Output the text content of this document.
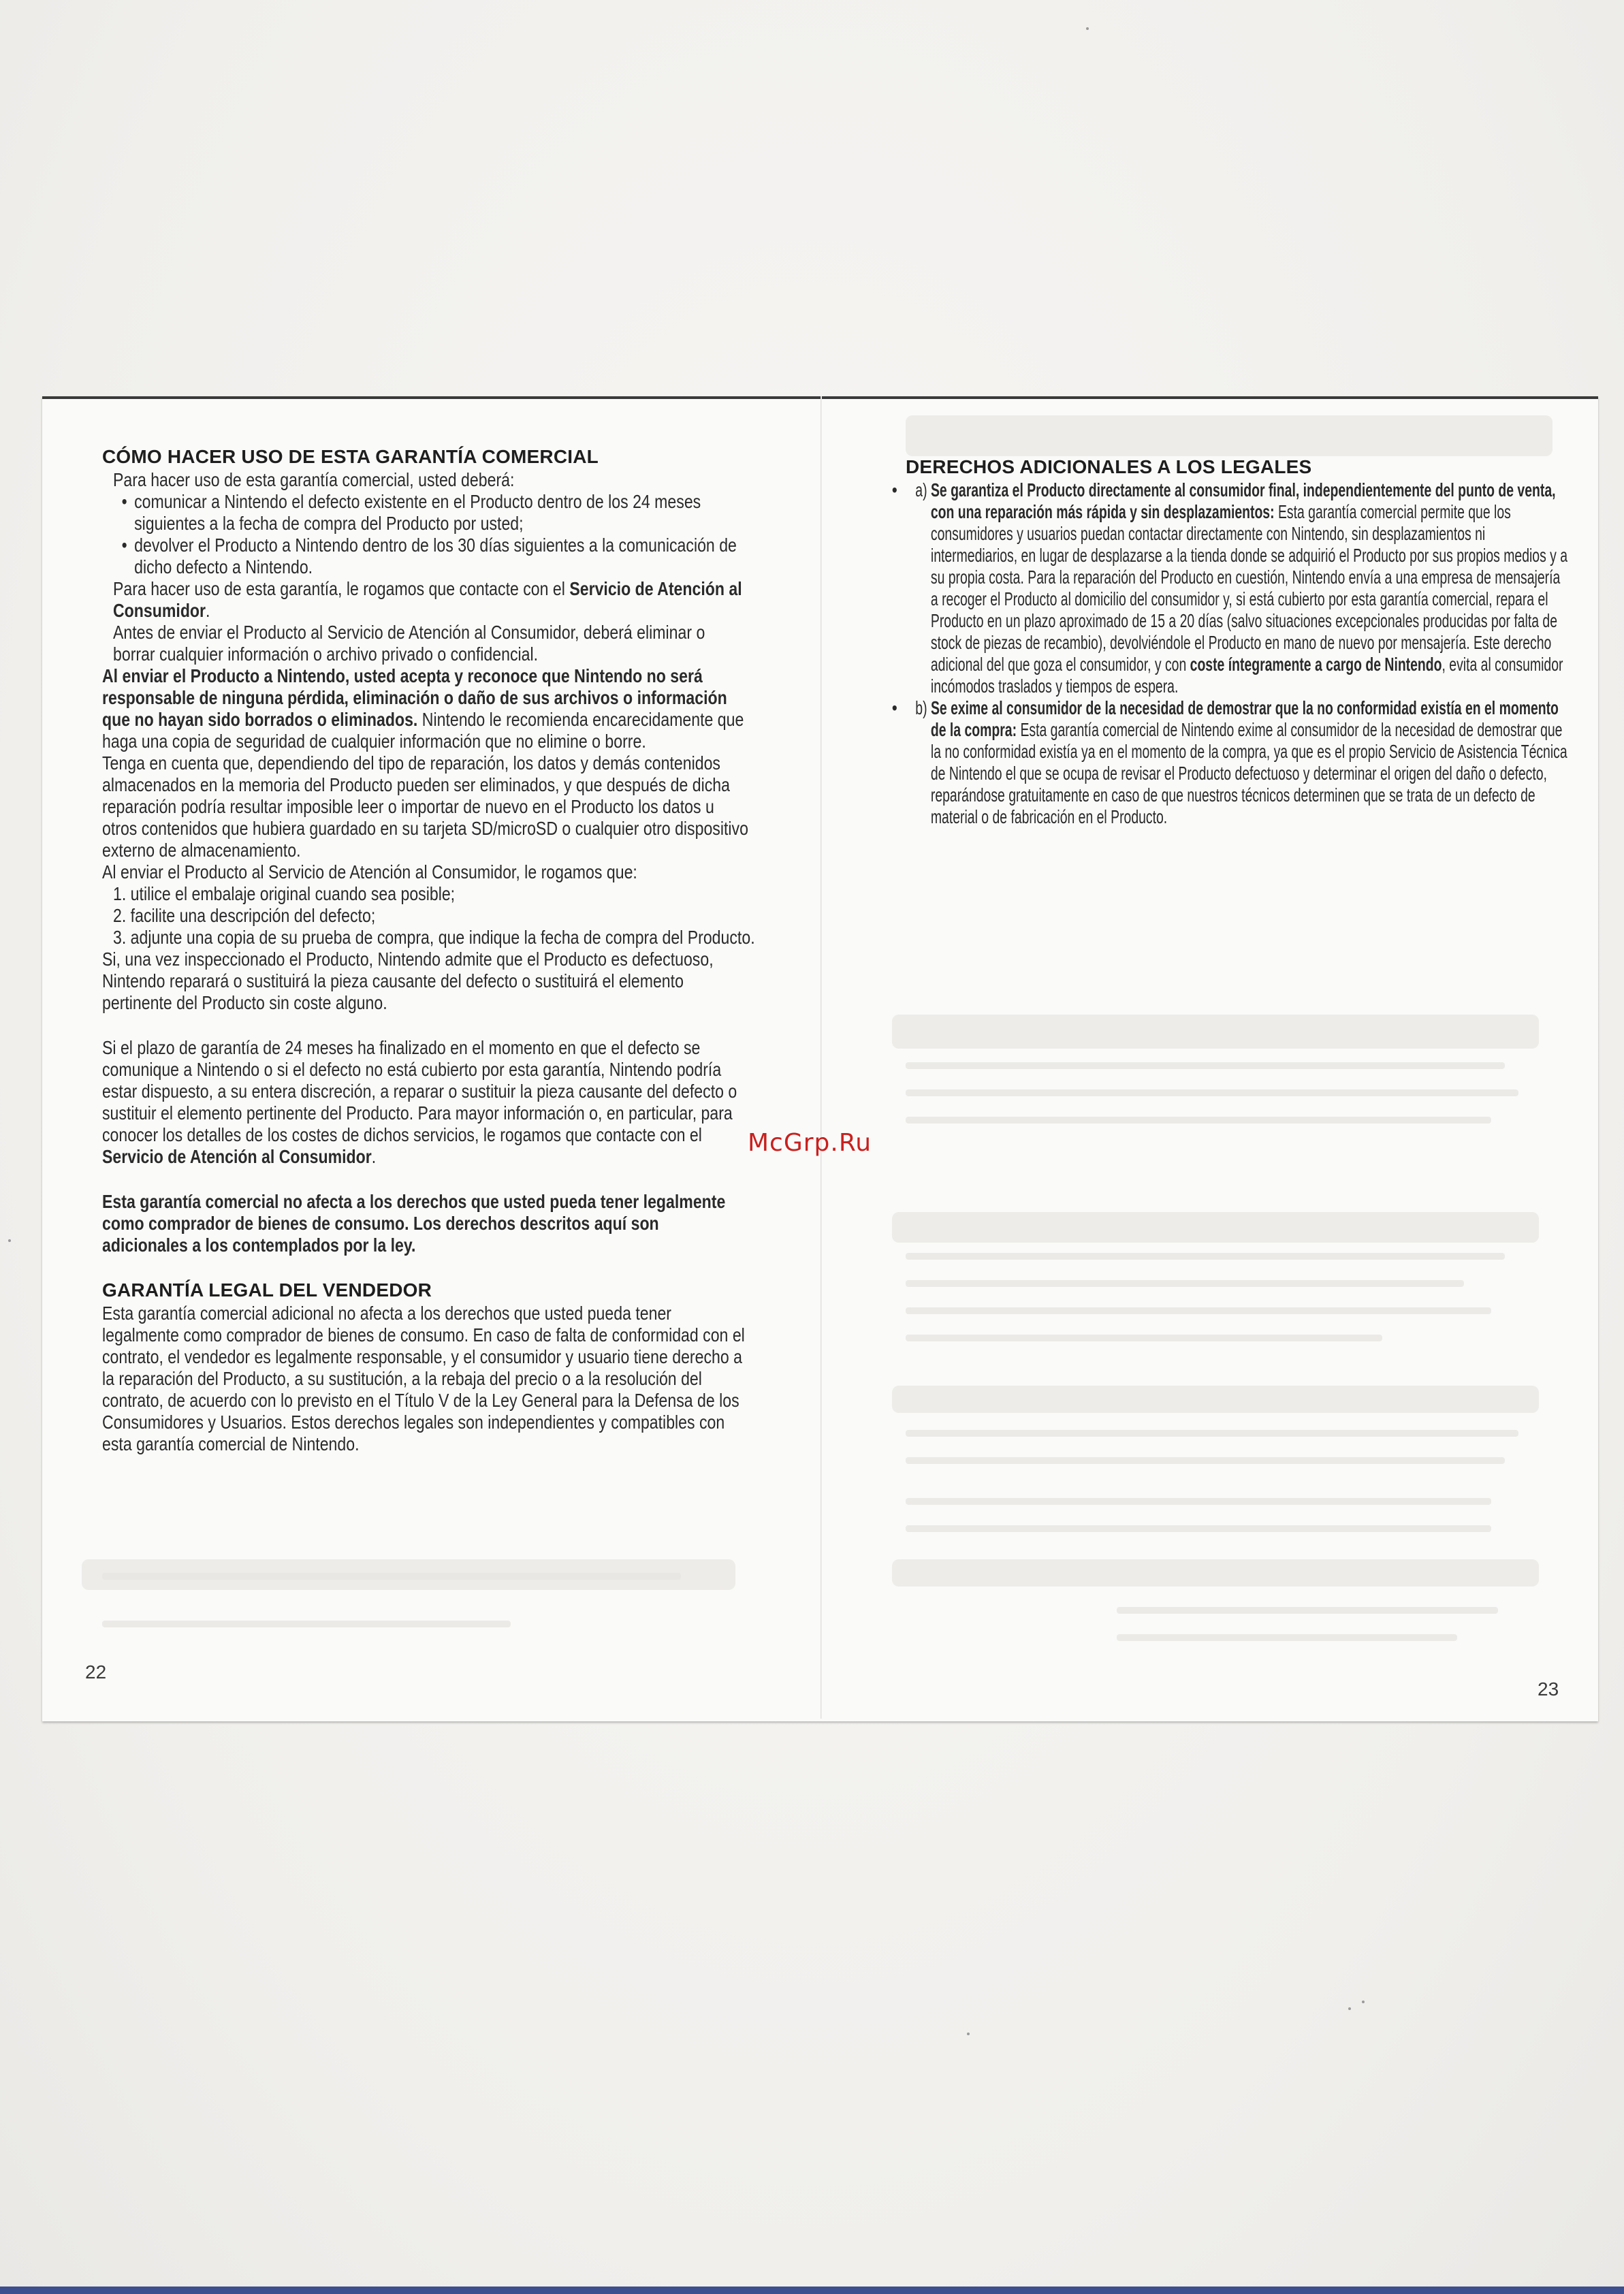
CÓMO HACER USO DE ESTA GARANTÍA COMERCIAL

Para hacer uso de esta garantía comercial, usted deberá:

• comunicar a Nintendo el defecto existente en el Producto dentro de los 24 meses siguientes a la fecha de compra del Producto por usted;
• devolver el Producto a Nintendo dentro de los 30 días siguientes a la comunicación de dicho defecto a Nintendo.

Para hacer uso de esta garantía, le rogamos que contacte con el Servicio de Atención al Consumidor.

Antes de enviar el Producto al Servicio de Atención al Consumidor, deberá eliminar o borrar cualquier información o archivo privado o confidencial.

Al enviar el Producto a Nintendo, usted acepta y reconoce que Nintendo no será responsable de ninguna pérdida, eliminación o daño de sus archivos o información que no hayan sido borrados o eliminados. Nintendo le recomienda encarecidamente que haga una copia de seguridad de cualquier información que no elimine o borre.

Tenga en cuenta que, dependiendo del tipo de reparación, los datos y demás contenidos almacenados en la memoria del Producto pueden ser eliminados, y que después de dicha reparación podría resultar imposible leer o importar de nuevo en el Producto los datos u otros contenidos que hubiera guardado en su tarjeta SD/microSD o cualquier otro dispositivo externo de almacenamiento.

Al enviar el Producto al Servicio de Atención al Consumidor, le rogamos que:

1. utilice el embalaje original cuando sea posible;
2. facilite una descripción del defecto;
3. adjunte una copia de su prueba de compra, que indique la fecha de compra del Producto.

Si, una vez inspeccionado el Producto, Nintendo admite que el Producto es defectuoso, Nintendo reparará o sustituirá la pieza causante del defecto o sustituirá el elemento pertinente del Producto sin coste alguno.

Si el plazo de garantía de 24 meses ha finalizado en el momento en que el defecto se comunique a Nintendo o si el defecto no está cubierto por esta garantía, Nintendo podría estar dispuesto, a su entera discreción, a reparar o sustituir la pieza causante del defecto o sustituir el elemento pertinente del Producto. Para mayor información o, en particular, para conocer los detalles de los costes de dichos servicios, le rogamos que contacte con el Servicio de Atención al Consumidor.

Esta garantía comercial no afecta a los derechos que usted pueda tener legalmente como comprador de bienes de consumo. Los derechos descritos aquí son adicionales a los contemplados por la ley.

GARANTÍA LEGAL DEL VENDEDOR

Esta garantía comercial adicional no afecta a los derechos que usted pueda tener legalmente como comprador de bienes de consumo. En caso de falta de conformidad con el contrato, el vendedor es legalmente responsable, y el consumidor y usuario tiene derecho a la reparación del Producto, a su sustitución, a la rebaja del precio o a la resolución del contrato, de acuerdo con lo previsto en el Título V de la Ley General para la Defensa de los Consumidores y Usuarios. Estos derechos legales son independientes y compatibles con esta garantía comercial de Nintendo.

22
DERECHOS ADICIONALES A LOS LEGALES

• a) Se garantiza el Producto directamente al consumidor final, independientemente del punto de venta, con una reparación más rápida y sin desplazamientos: Esta garantía comercial permite que los consumidores y usuarios puedan contactar directamente con Nintendo, sin desplazamientos ni intermediarios, en lugar de desplazarse a la tienda donde se adquirió el Producto por sus propios medios y a su propia costa. Para la reparación del Producto en cuestión, Nintendo envía a una empresa de mensajería a recoger el Producto al domicilio del consumidor y, si está cubierto por esta garantía comercial, repara el Producto en un plazo aproximado de 15 a 20 días (salvo situaciones excepcionales producidas por falta de stock de piezas de recambio), devolviéndole el Producto en mano de nuevo por mensajería. Este derecho adicional del que goza el consumidor, y con coste íntegramente a cargo de Nintendo, evita al consumidor incómodos traslados y tiempos de espera.

• b) Se exime al consumidor de la necesidad de demostrar que la no conformidad existía en el momento de la compra: Esta garantía comercial de Nintendo exime al consumidor de la necesidad de demostrar que la no conformidad existía ya en el momento de la compra, ya que es el propio Servicio de Asistencia Técnica de Nintendo el que se ocupa de revisar el Producto defectuoso y determinar el origen del daño o defecto, reparándose gratuitamente en caso de que nuestros técnicos determinen que se trata de un defecto de material o de fabricación en el Producto.

23
McGrp.Ru
